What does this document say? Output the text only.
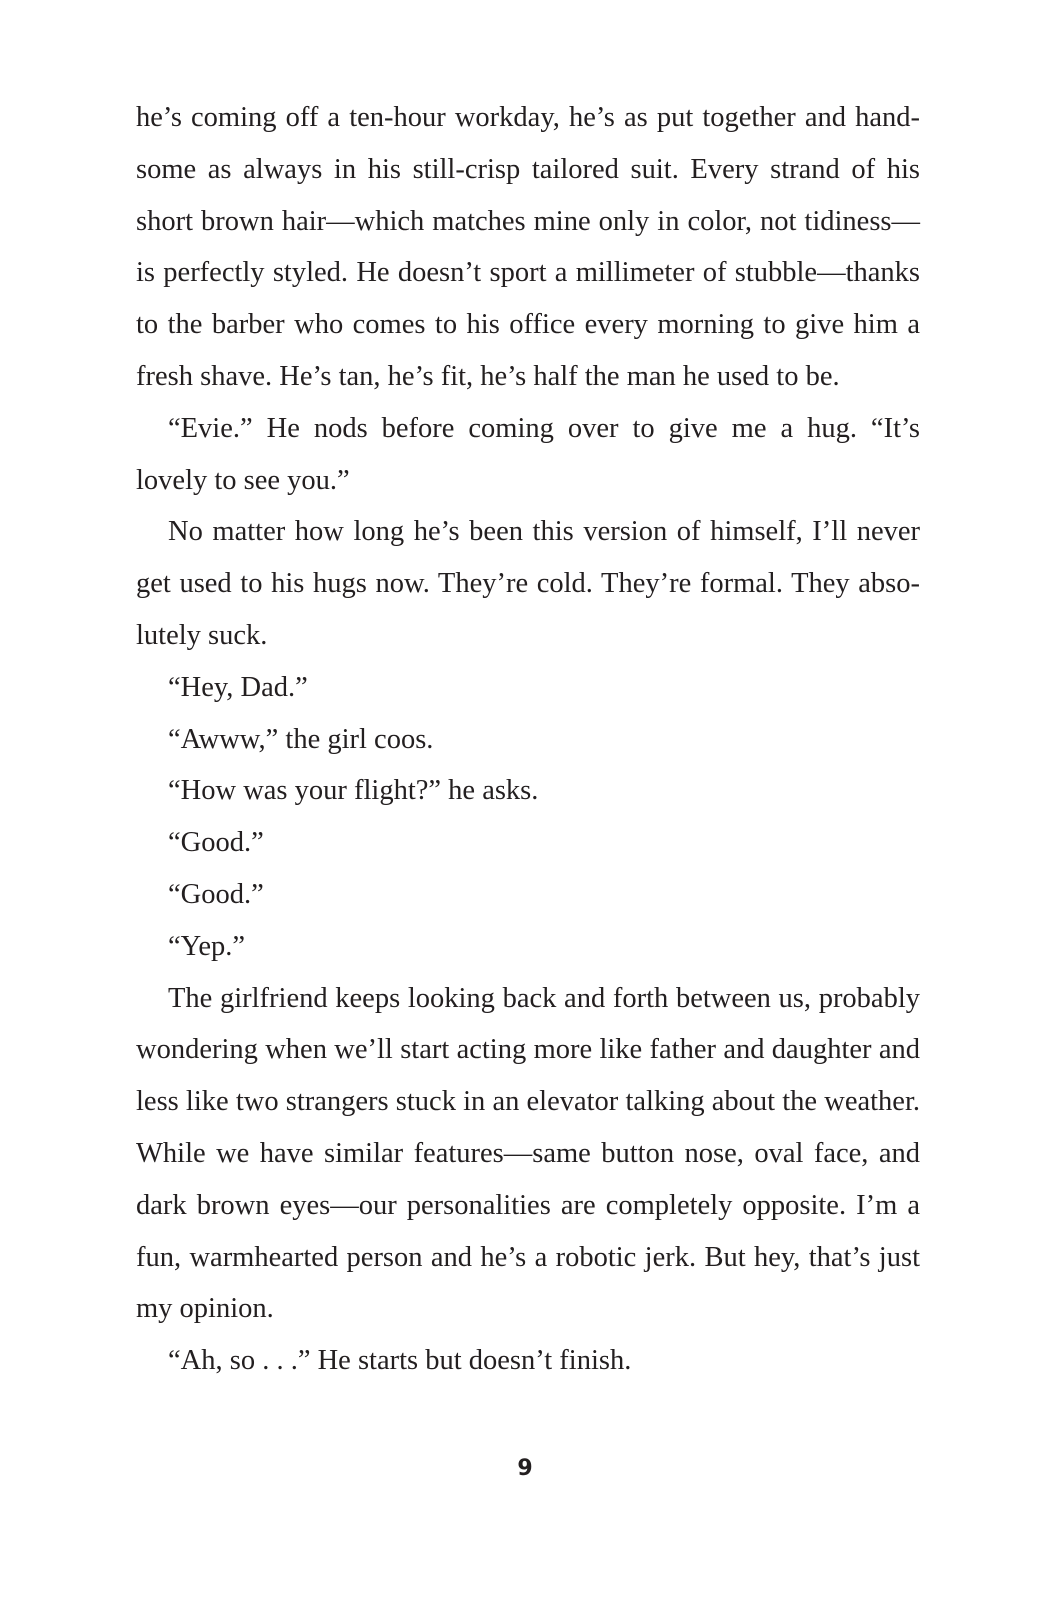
he’s coming off a ten-hour workday, he’s as put together and handsome as always in his still-crisp tailored suit. Every strand of his short brown hair—which matches mine only in color, not tidiness—is perfectly styled. He doesn’t sport a millimeter of stubble—thanks to the barber who comes to his office every morning to give him a fresh shave. He’s tan, he’s fit, he’s half the man he used to be.

“Evie.” He nods before coming over to give me a hug. “It’s lovely to see you.”

No matter how long he’s been this version of himself, I’ll never get used to his hugs now. They’re cold. They’re formal. They absolutely suck.

“Hey, Dad.”

“Awww,” the girl coos.

“How was your flight?” he asks.

“Good.”

“Good.”

“Yep.”

The girlfriend keeps looking back and forth between us, probably wondering when we’ll start acting more like father and daughter and less like two strangers stuck in an elevator talking about the weather. While we have similar features—same button nose, oval face, and dark brown eyes—our personalities are completely opposite. I’m a fun, warmhearted person and he’s a robotic jerk. But hey, that’s just my opinion.

“Ah, so . . .” He starts but doesn’t finish.

9
